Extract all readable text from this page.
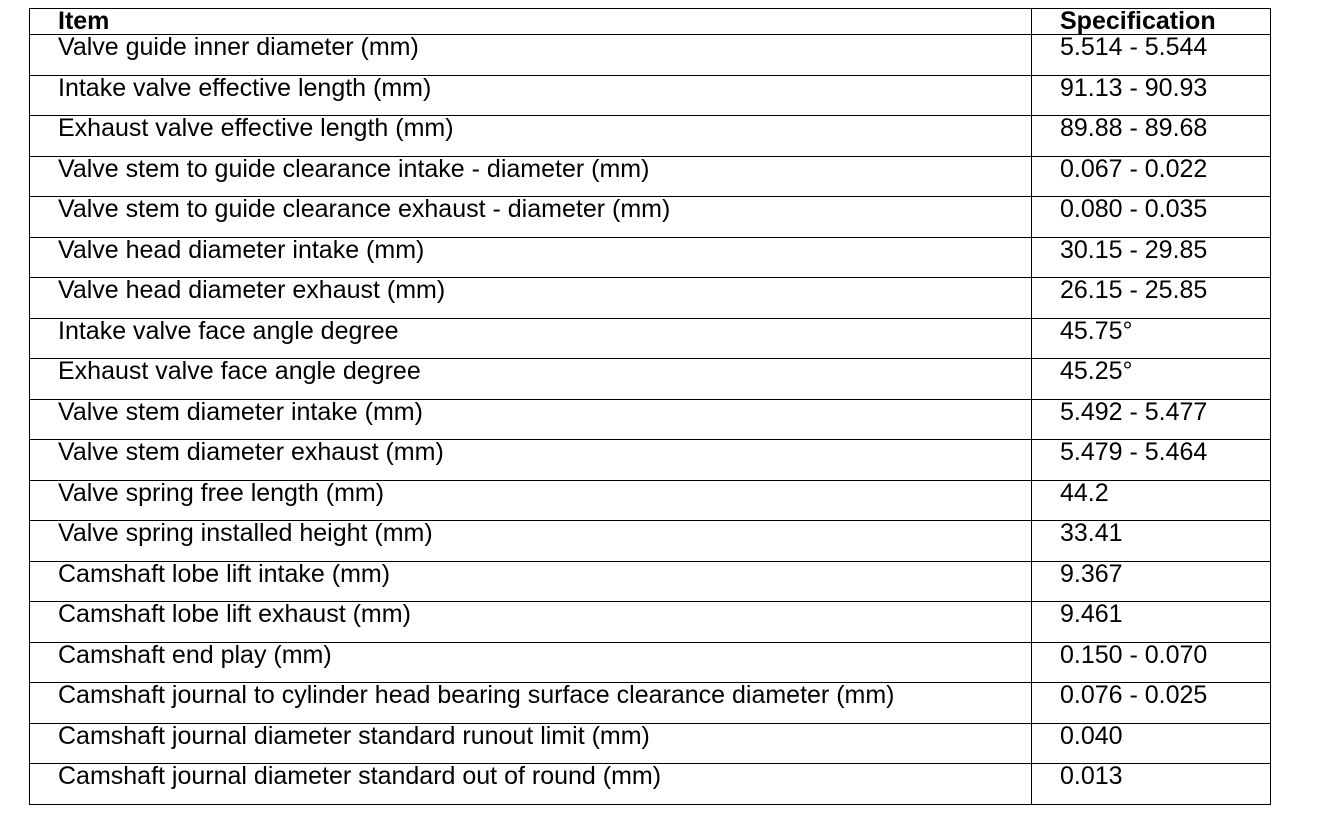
Item	Specification
Valve guide inner diameter (mm)	5.514 - 5.544
Intake valve effective length (mm)	91.13 - 90.93
Exhaust valve effective length (mm)	89.88 - 89.68
Valve stem to guide clearance intake - diameter (mm)	0.067 - 0.022
Valve stem to guide clearance exhaust - diameter (mm)	0.080 - 0.035
Valve head diameter intake (mm)	30.15 - 29.85
Valve head diameter exhaust (mm)	26.15 - 25.85
Intake valve face angle degree	45.75°
Exhaust valve face angle degree	45.25°
Valve stem diameter intake (mm)	5.492 - 5.477
Valve stem diameter exhaust (mm)	5.479 - 5.464
Valve spring free length (mm)	44.2
Valve spring installed height (mm)	33.41
Camshaft lobe lift intake (mm)	9.367
Camshaft lobe lift exhaust (mm)	9.461
Camshaft end play (mm)	0.150 - 0.070
Camshaft journal to cylinder head bearing surface clearance diameter (mm)	0.076 - 0.025
Camshaft journal diameter standard runout limit (mm)	0.040
Camshaft journal diameter standard out of round (mm)	0.013
